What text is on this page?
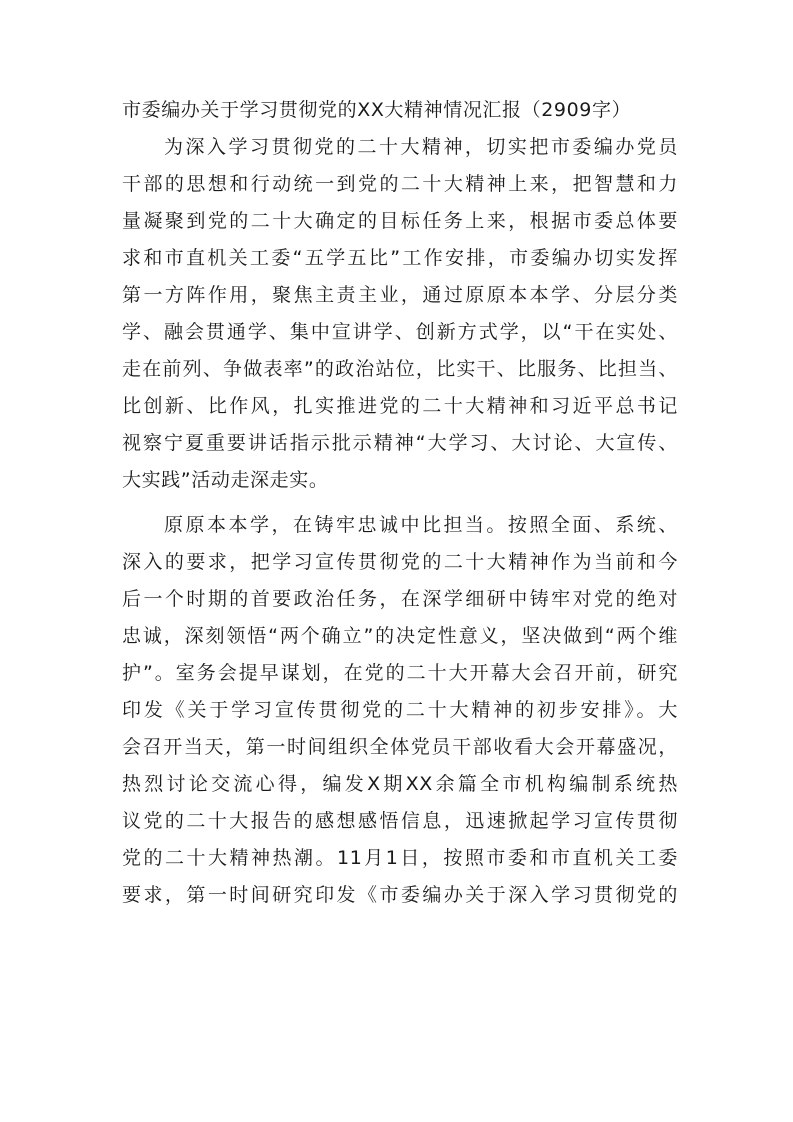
市委编办关于学习贯彻党的XX大精神情况汇报（2909字）
为深入学习贯彻党的二十大精神，切实把市委编办党员
干部的思想和行动统一到党的二十大精神上来，把智慧和力
量凝聚到党的二十大确定的目标任务上来，根据市委总体要
求和市直机关工委“五学五比”工作安排，市委编办切实发挥
第一方阵作用，聚焦主责主业，通过原原本本学、分层分类
学、融会贯通学、集中宣讲学、创新方式学，以“干在实处、
走在前列、争做表率”的政治站位，比实干、比服务、比担当、
比创新、比作风，扎实推进党的二十大精神和习近平总书记
视察宁夏重要讲话指示批示精神“大学习、大讨论、大宣传、
大实践”活动走深走实。
原原本本学，在铸牢忠诚中比担当。按照全面、系统、
深入的要求，把学习宣传贯彻党的二十大精神作为当前和今
后一个时期的首要政治任务，在深学细研中铸牢对党的绝对
忠诚，深刻领悟“两个确立”的决定性意义，坚决做到“两个维
护”。室务会提早谋划，在党的二十大开幕大会召开前，研究
印发《关于学习宣传贯彻党的二十大精神的初步安排》。大
会召开当天，第一时间组织全体党员干部收看大会开幕盛况，
热烈讨论交流心得，编发X期XX余篇全市机构编制系统热
议党的二十大报告的感想感悟信息，迅速掀起学习宣传贯彻
党的二十大精神热潮。11月1日，按照市委和市直机关工委
要求，第一时间研究印发《市委编办关于深入学习贯彻党的
